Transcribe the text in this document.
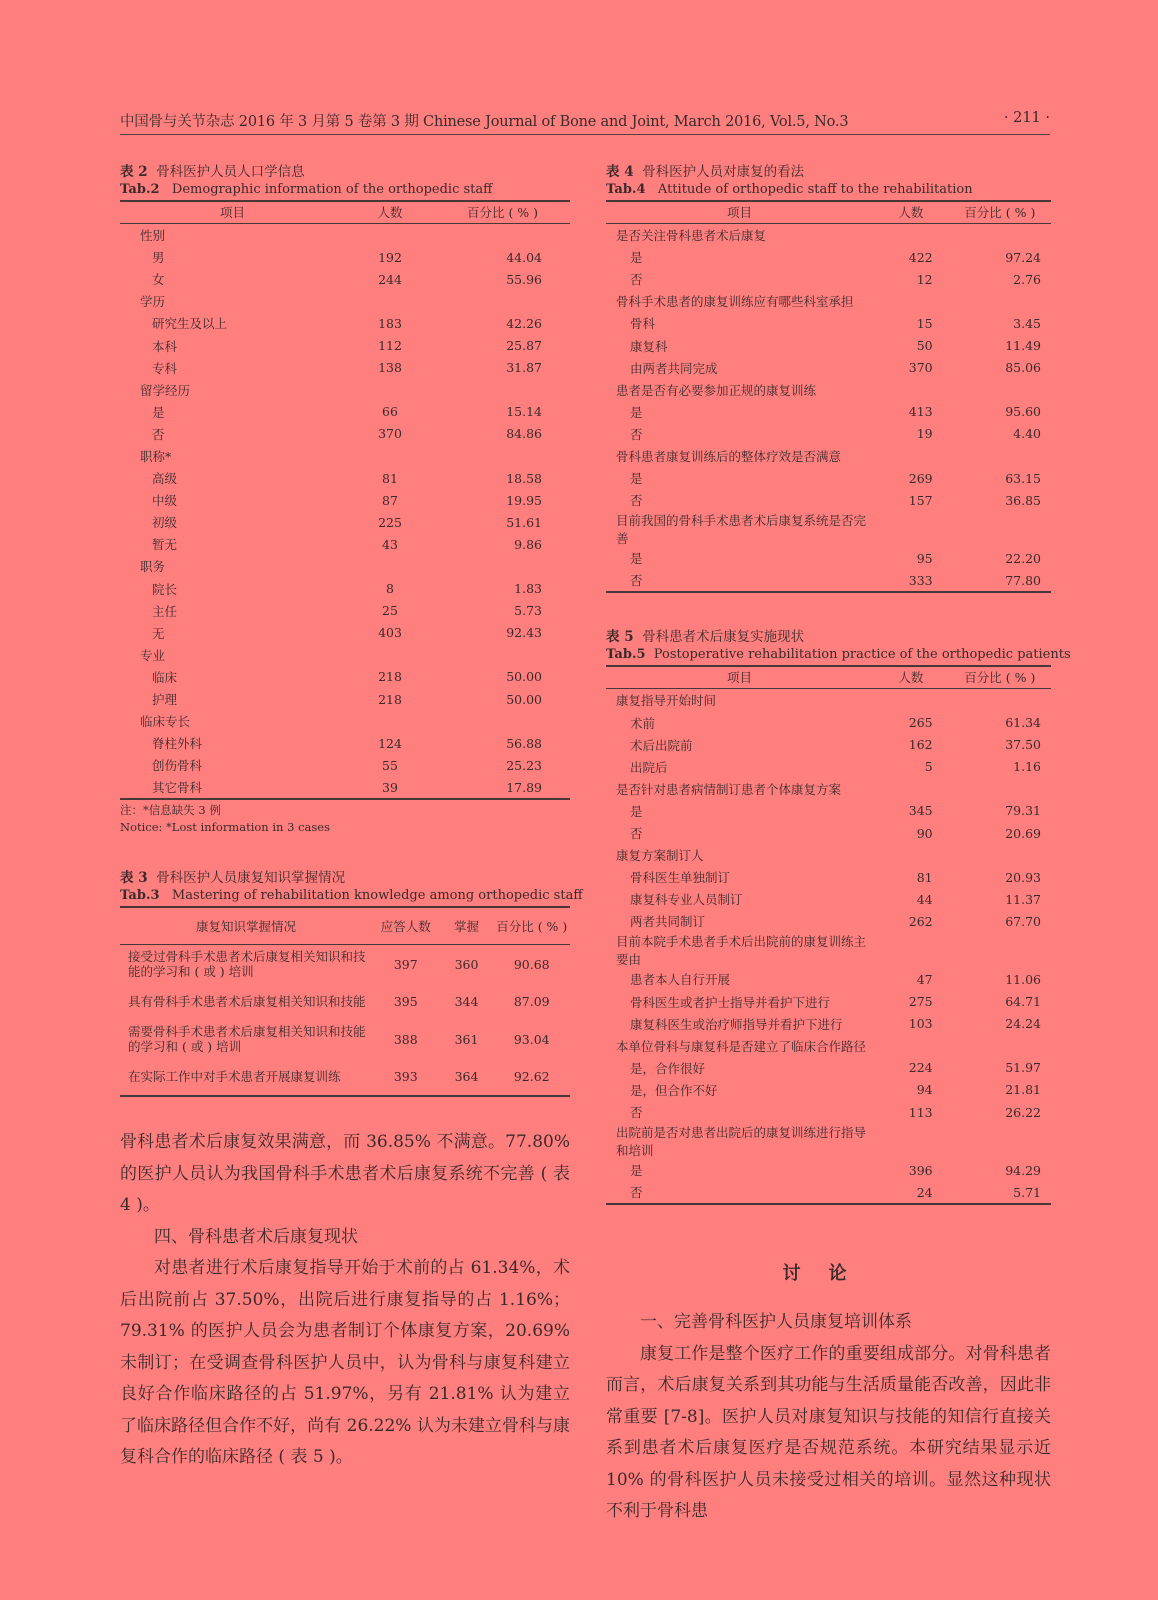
中国骨与关节杂志 2016 年 3 月第 5 卷第 3 期 Chinese Journal of Bone and Joint, March 2016, Vol.5, No.3	· 211 ·
表 2 骨科医护人员人口学信息
Tab.2 Demographic information of the orthopedic staff
项目	人数	百分比 ( % )
性别		
男	192	44.04
女	244	55.96
学历		
研究生及以上	183	42.26
本科	112	25.87
专科	138	31.87
留学经历		
是	66	15.14
否	370	84.86
职称*		
高级	81	18.58
中级	87	19.95
初级	225	51.61
暂无	43	9.86
职务		
院长	8	1.83
主任	25	5.73
无	403	92.43
专业		
临床	218	50.00
护理	218	50.00
临床专长		
脊柱外科	124	56.88
创伤骨科	55	25.23
其它骨科	39	17.89
注：*信息缺失 3 例
Notice: *Lost information in 3 cases
表 3 骨科医护人员康复知识掌握情况
Tab.3 Mastering of rehabilitation knowledge among orthopedic staff
康复知识掌握情况	应答人数	掌握	百分比 ( % )
接受过骨科手术患者术后康复相关知识和技能的学习和 ( 或 ) 培训	397	360	90.68
具有骨科手术患者术后康复相关知识和技能	395	344	87.09
需要骨科手术患者术后康复相关知识和技能的学习和 ( 或 ) 培训	388	361	93.04
在实际工作中对手术患者开展康复训练	393	364	92.62

骨科患者术后康复效果满意，而 36.85% 不满意。77.80% 的医护人员认为我国骨科手术患者术后康复系统不完善 ( 表 4 )。

四、骨科患者术后康复现状

对患者进行术后康复指导开始于术前的占 61.34%，术后出院前占 37.50%，出院后进行康复指导的占 1.16%；79.31% 的医护人员会为患者制订个体康复方案，20.69% 未制订；在受调查骨科医护人员中，认为骨科与康复科建立良好合作临床路径的占 51.97%，另有 21.81% 认为建立了临床路径但合作不好，尚有 26.22% 认为未建立骨科与康复科合作的临床路径 ( 表 5 )。

表 4 骨科医护人员对康复的看法
Tab.4 Attitude of orthopedic staff to the rehabilitation
项目	人数	百分比 ( % )
是否关注骨科患者术后康复		
是	422	97.24
否	12	2.76
骨科手术患者的康复训练应有哪些科室承担		
骨科	15	3.45
康复科	50	11.49
由两者共同完成	370	85.06
患者是否有必要参加正规的康复训练		
是	413	95.60
否	19	4.40
骨科患者康复训练后的整体疗效是否满意		
是	269	63.15
否	157	36.85
目前我国的骨科手术患者术后康复系统是否完善		
是	95	22.20
否	333	77.80
表 5 骨科患者术后康复实施现状
Tab.5 Postoperative rehabilitation practice of the orthopedic patients
项目	人数	百分比 ( % )
康复指导开始时间		
术前	265	61.34
术后出院前	162	37.50
出院后	5	1.16
是否针对患者病情制订患者个体康复方案		
是	345	79.31
否	90	20.69
康复方案制订人		
骨科医生单独制订	81	20.93
康复科专业人员制订	44	11.37
两者共同制订	262	67.70
目前本院手术患者手术后出院前的康复训练主要由		
患者本人自行开展	47	11.06
骨科医生或者护士指导并看护下进行	275	64.71
康复科医生或治疗师指导并看护下进行	103	24.24
本单位骨科与康复科是否建立了临床合作路径		
是，合作很好	224	51.97
是，但合作不好	94	21.81
否	113	26.22
出院前是否对患者出院后的康复训练进行指导和培训		
是	396	94.29
否	24	5.71
讨论

一、完善骨科医护人员康复培训体系

康复工作是整个医疗工作的重要组成部分。对骨科患者而言，术后康复关系到其功能与生活质量能否改善，因此非常重要 [7-8]。医护人员对康复知识与技能的知信行直接关系到患者术后康复医疗是否规范系统。本研究结果显示近 10% 的骨科医护人员未接受过相关的培训。显然这种现状不利于骨科患
